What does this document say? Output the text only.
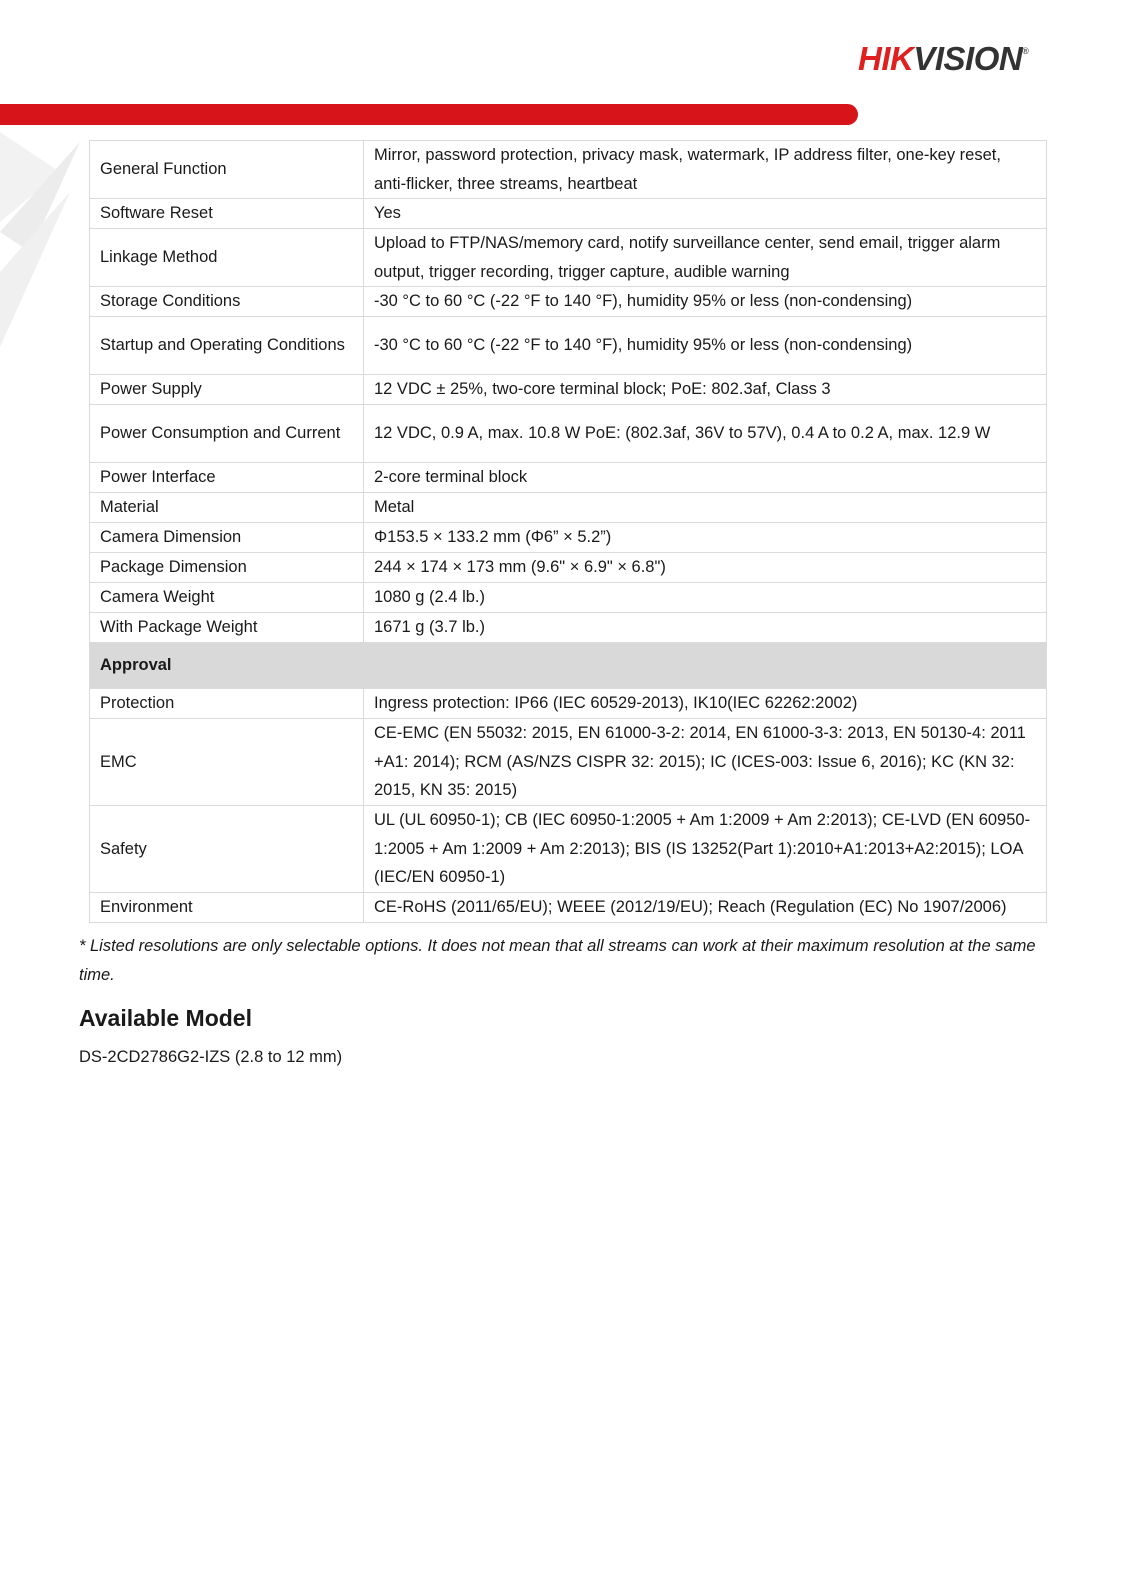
HIKVISION®
General Function	Mirror, password protection, privacy mask, watermark, IP address filter, one-key reset, anti-flicker, three streams, heartbeat
Software Reset	Yes
Linkage Method	Upload to FTP/NAS/memory card, notify surveillance center, send email, trigger alarm output, trigger recording, trigger capture, audible warning
Storage Conditions	-30 °C to 60 °C (-22 °F to 140 °F), humidity 95% or less (non-condensing)
Startup and Operating Conditions	-30 °C to 60 °C (-22 °F to 140 °F), humidity 95% or less (non-condensing)
Power Supply	12 VDC ± 25%, two-core terminal block; PoE: 802.3af, Class 3
Power Consumption and Current	12 VDC, 0.9 A, max. 10.8 W PoE: (802.3af, 36V to 57V), 0.4 A to 0.2 A, max. 12.9 W
Power Interface	2-core terminal block
Material	Metal
Camera Dimension	Φ153.5 × 133.2 mm (Φ6” × 5.2”)
Package Dimension	244 × 174 × 173 mm (9.6" × 6.9" × 6.8")
Camera Weight	1080 g (2.4 lb.)
With Package Weight	1671 g (3.7 lb.)
Approval	
Protection	Ingress protection: IP66 (IEC 60529-2013), IK10(IEC 62262:2002)
EMC	CE-EMC (EN 55032: 2015, EN 61000-3-2: 2014, EN 61000-3-3: 2013, EN 50130-4: 2011 +A1: 2014); RCM (AS/NZS CISPR 32: 2015); IC (ICES-003: Issue 6, 2016); KC (KN 32: 2015, KN 35: 2015)
Safety	UL (UL 60950-1); CB (IEC 60950-1:2005 + Am 1:2009 + Am 2:2013); CE-LVD (EN 60950-1:2005 + Am 1:2009 + Am 2:2013); BIS (IS 13252(Part 1):2010+A1:2013+A2:2015); LOA (IEC/EN 60950-1)
Environment	CE-RoHS (2011/65/EU); WEEE (2012/19/EU); Reach (Regulation (EC) No 1907/2006)
* Listed resolutions are only selectable options. It does not mean that all streams can work at their maximum resolution at the same time.
Available Model
DS-2CD2786G2-IZS (2.8 to 12 mm)
